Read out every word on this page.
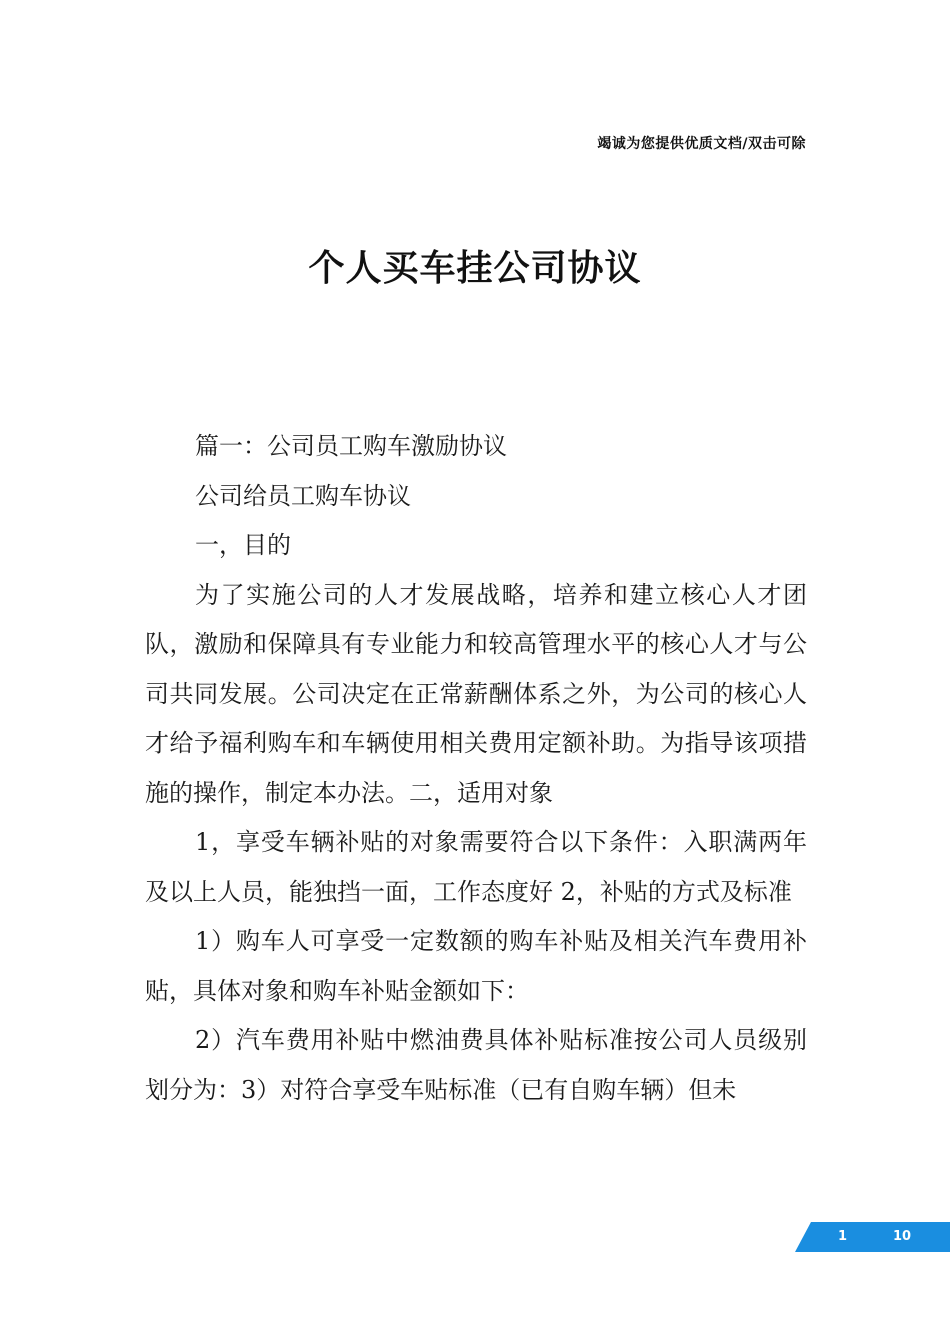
竭诚为您提供优质文档/双击可除
个人买车挂公司协议

篇一：公司员工购车激励协议

公司给员工购车协议

一，目的

为了实施公司的人才发展战略，培养和建立核心人才团队，激励和保障具有专业能力和较高管理水平的核心人才与公司共同发展。公司决定在正常薪酬体系之外，为公司的核心人才给予福利购车和车辆使用相关费用定额补助。为指导该项措施的操作，制定本办法。二，适用对象

1，享受车辆补贴的对象需要符合以下条件：入职满两年及以上人员，能独挡一面，工作态度好 2，补贴的方式及标准

1）购车人可享受一定数额的购车补贴及相关汽车费用补贴，具体对象和购车补贴金额如下：

2）汽车费用补贴中燃油费具体补贴标准按公司人员级别划分为：3）对符合享受车贴标准（已有自购车辆）但未

1	10
